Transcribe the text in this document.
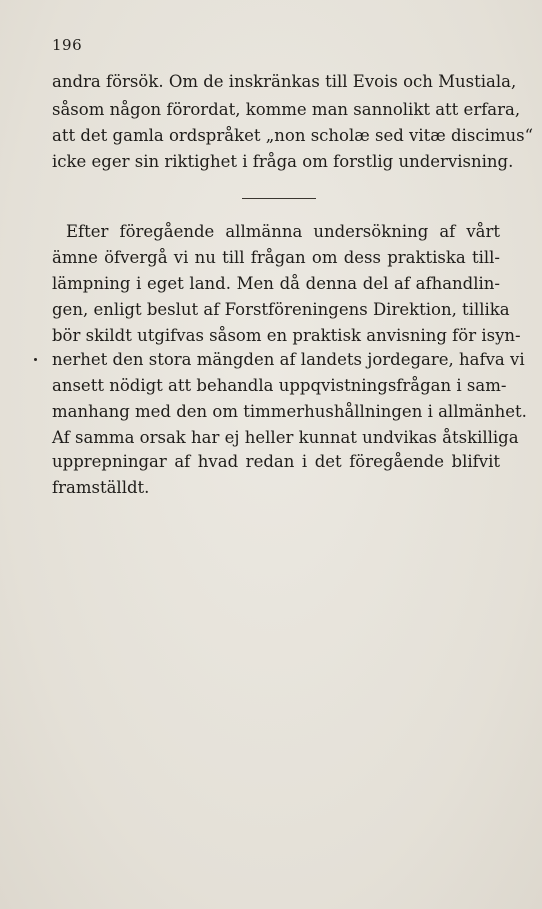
196
andra försök. Om de inskränkas till Evois och Mustiala,
såsom någon förordat, komme man sannolikt att erfara,
att det gamla ordspråket „non scholæ sed vitæ discimus“
icke eger sin riktighet i fråga om forstlig undervisning.
Efter föregående allmänna undersökning af vårt
ämne öfvergå vi nu till frågan om dess praktiska till-
lämpning i eget land. Men då denna del af afhandlin-
gen, enligt beslut af Forstföreningens Direktion, tillika
bör skildt utgifvas såsom en praktisk anvisning för isyn-
nerhet den stora mängden af landets jordegare, hafva vi
ansett nödigt att behandla uppqvistningsfrågan i sam-
manhang med den om timmerhushållningen i allmänhet.
Af samma orsak har ej heller kunnat undvikas åtskilliga
upprepningar af hvad redan i det föregående blifvit
framställdt.
